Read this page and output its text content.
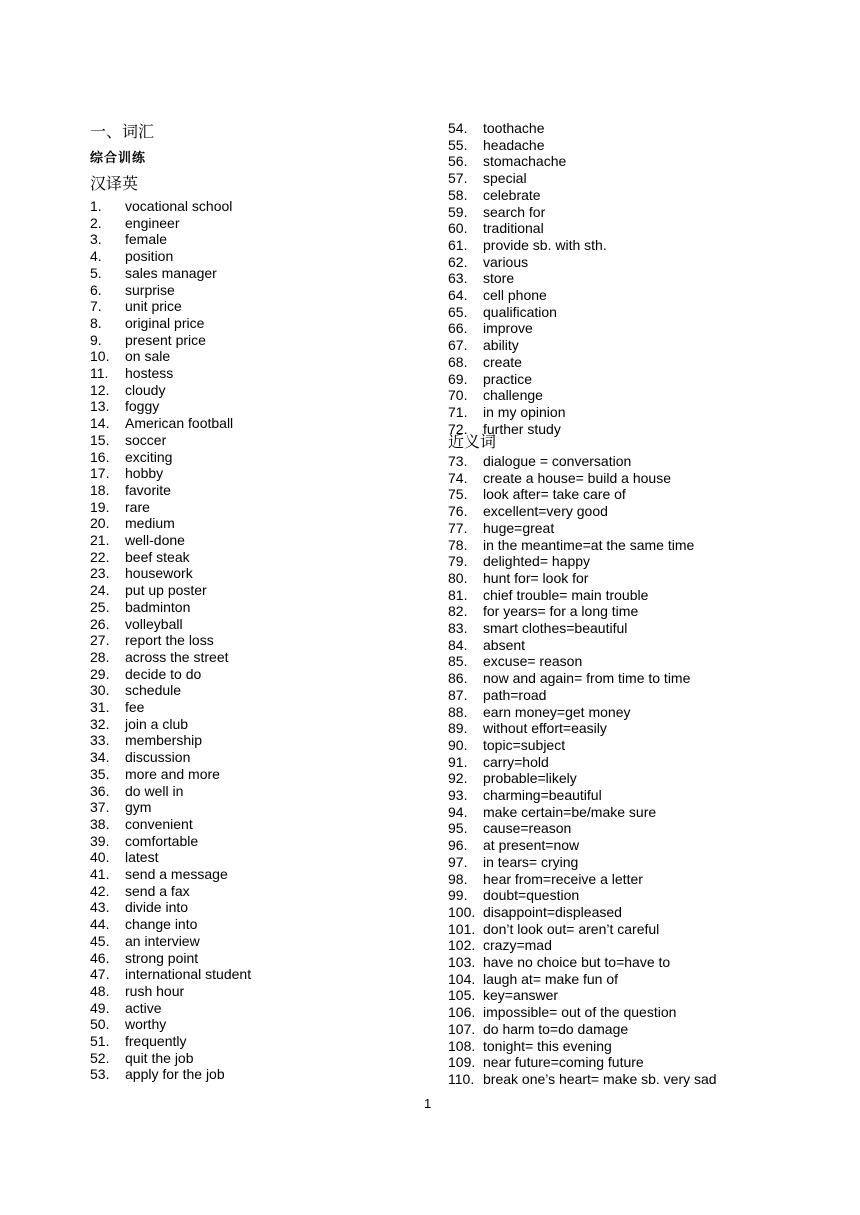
一、词汇
综合训练
汉译英
1. vocational school
2. engineer
3. female
4. position
5. sales manager
6. surprise
7. unit price
8. original price
9. present price
10. on sale
11. hostess
12. cloudy
13. foggy
14. American football
15. soccer
16. exciting
17. hobby
18. favorite
19. rare
20. medium
21. well-done
22. beef steak
23. housework
24. put up poster
25. badminton
26. volleyball
27. report the loss
28. across the street
29. decide to do
30. schedule
31. fee
32. join a club
33. membership
34. discussion
35. more and more
36. do well in
37. gym
38. convenient
39. comfortable
40. latest
41. send a message
42. send a fax
43. divide into
44. change into
45. an interview
46. strong point
47. international student
48. rush hour
49. active
50. worthy
51. frequently
52. quit the job
53. apply for the job
54. toothache
55. headache
56. stomachache
57. special
58. celebrate
59. search for
60. traditional
61. provide sb. with sth.
62. various
63. store
64. cell phone
65. qualification
66. improve
67. ability
68. create
69. practice
70. challenge
71. in my opinion
72. further study
近义词
73. dialogue = conversation
74. create a house= build a house
75. look after= take care of
76. excellent=very good
77. huge=great
78. in the meantime=at the same time
79. delighted= happy
80. hunt for= look for
81. chief trouble= main trouble
82. for years= for a long time
83. smart clothes=beautiful
84. absent
85. excuse= reason
86. now and again= from time to time
87. path=road
88. earn money=get money
89. without effort=easily
90. topic=subject
91. carry=hold
92. probable=likely
93. charming=beautiful
94. make certain=be/make sure
95. cause=reason
96. at present=now
97. in tears= crying
98. hear from=receive a letter
99. doubt=question
100. disappoint=displeased
101. don’t look out= aren’t careful
102. crazy=mad
103. have no choice but to=have to
104. laugh at= make fun of
105. key=answer
106. impossible= out of the question
107. do harm to=do damage
108. tonight= this evening
109. near future=coming future
110. break one’s heart= make sb. very sad
1
